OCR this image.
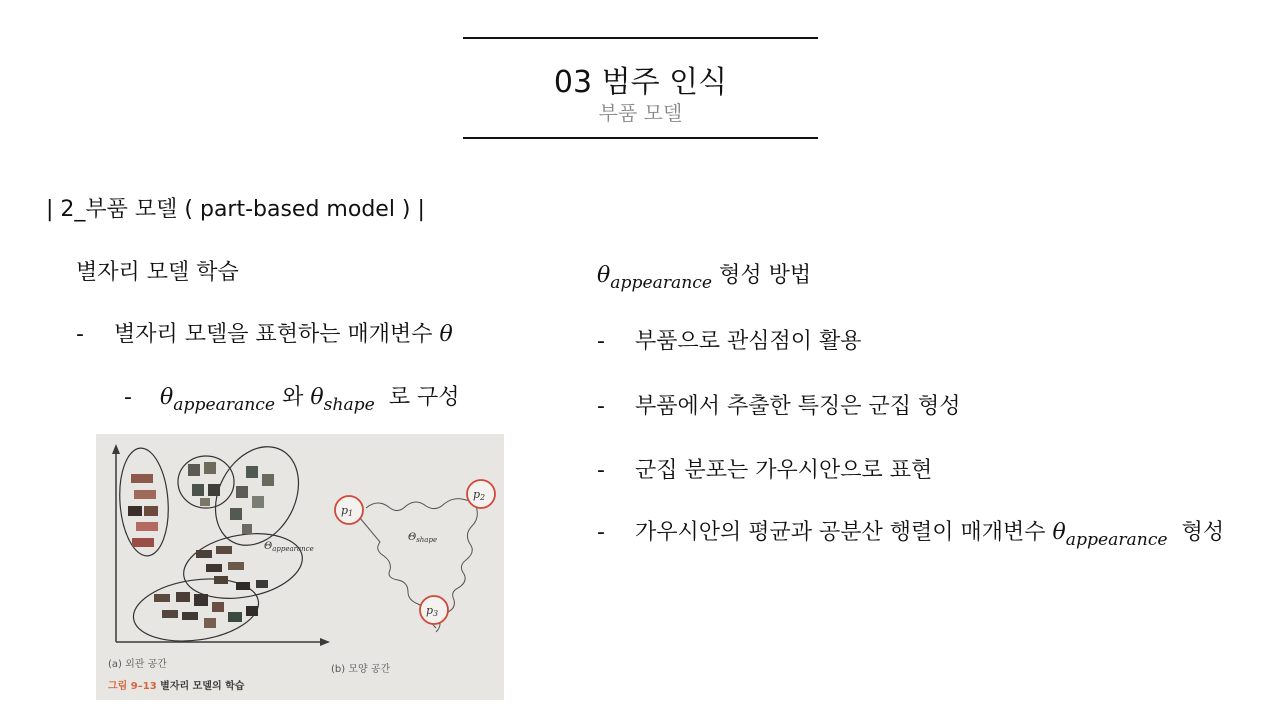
03 범주 인식
부품 모델
| 2_부품 모델 ( part-based model ) |
별자리 모델 학습
- 별자리 모델을 표현하는 매개변수 θ
- $\theta_{appearance}$ 와 $\theta_{shape}$ 로 구성
$\Theta_{appearance}$
p1
p2
p3
$\Theta_{shape}$
(a) 외관 공간	(b) 모양 공간
그림 9–13 별자리 모델의 학습
$\theta_{appearance}$ 형성 방법
- 부품으로 관심점이 활용
- 부품에서 추출한 특징은 군집 형성
- 군집 분포는 가우시안으로 표현
- 가우시안의 평균과 공분산 행렬이 매개변수 $\theta_{appearance}$ 형성
